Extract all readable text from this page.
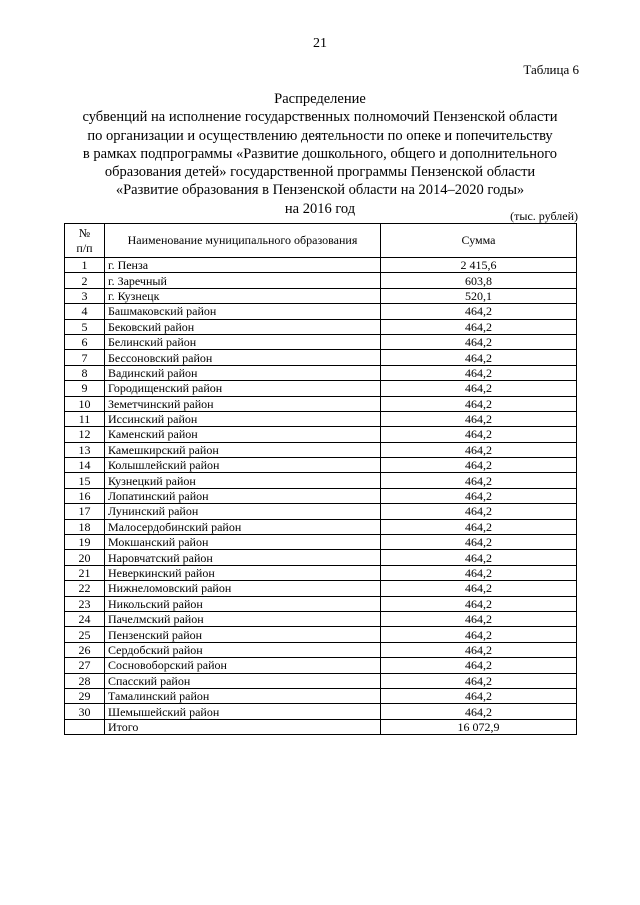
21
Таблица 6
Распределение
субвенций на исполнение государственных полномочий Пензенской области
по организации и осуществлению деятельности по опеке и попечительству
в рамках подпрограммы «Развитие дошкольного, общего и дополнительного
образования детей» государственной программы Пензенской области
«Развитие образования в Пензенской области на 2014–2020 годы»
на 2016 год	(тыс. рублей)
№
п/п	Наименование муниципального образования	Сумма
1	г. Пенза	2 415,6
2	г. Заречный	603,8
3	г. Кузнецк	520,1
4	Башмаковский район	464,2
5	Бековский район	464,2
6	Белинский район	464,2
7	Бессоновский район	464,2
8	Вадинский район	464,2
9	Городищенский район	464,2
10	Земетчинский район	464,2
11	Иссинский район	464,2
12	Каменский район	464,2
13	Камешкирский район	464,2
14	Колышлейский район	464,2
15	Кузнецкий район	464,2
16	Лопатинский район	464,2
17	Лунинский район	464,2
18	Малосердобинский район	464,2
19	Мокшанский район	464,2
20	Наровчатский район	464,2
21	Неверкинский район	464,2
22	Нижнеломовский район	464,2
23	Никольский район	464,2
24	Пачелмский район	464,2
25	Пензенский район	464,2
26	Сердобский район	464,2
27	Сосновоборский район	464,2
28	Спасский район	464,2
29	Тамалинский район	464,2
30	Шемышейский район	464,2
	Итого	16 072,9
